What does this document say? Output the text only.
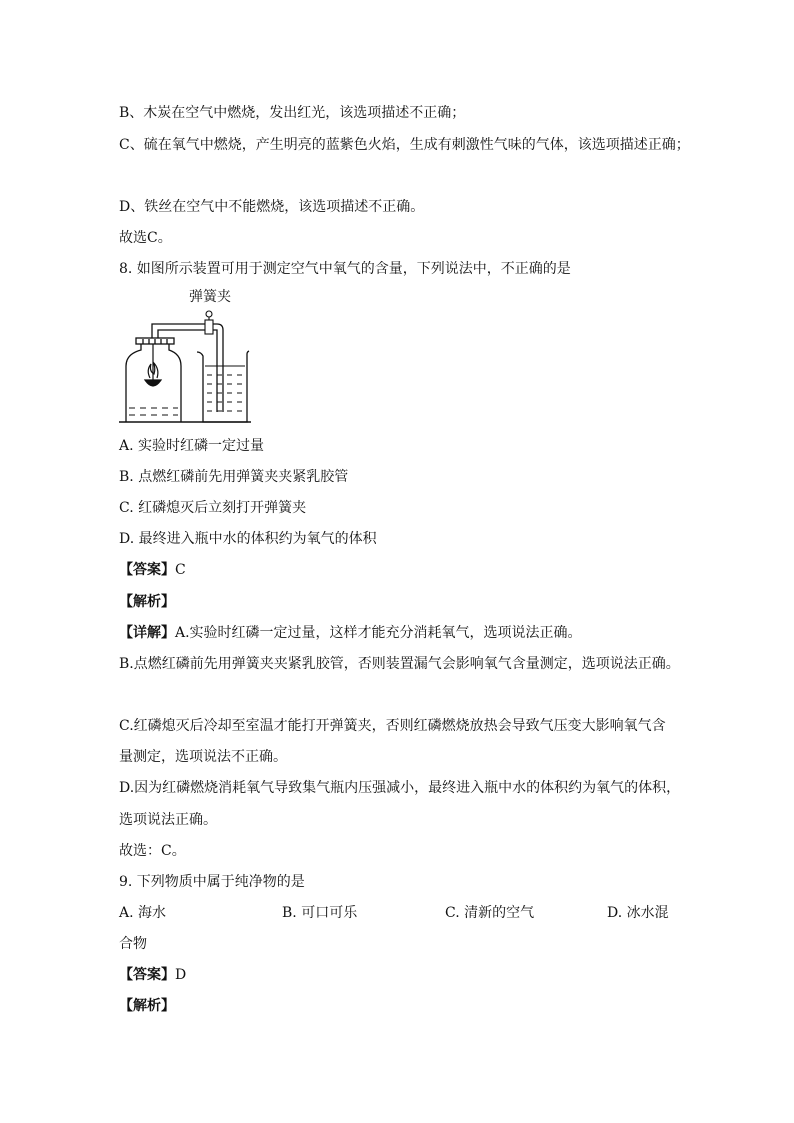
B、木炭在空气中燃烧，发出红光，该选项描述不正确；
C、硫在氧气中燃烧，产生明亮的蓝紫色火焰，生成有刺激性气味的气体，该选项描述正确；
D、铁丝在空气中不能燃烧，该选项描述不正确。
故选C。
8. 如图所示装置可用于测定空气中氧气的含量，下列说法中，不正确的是
弹簧夹
A. 实验时红磷一定过量
B. 点燃红磷前先用弹簧夹夹紧乳胶管
C. 红磷熄灭后立刻打开弹簧夹
D. 最终进入瓶中水的体积约为氧气的体积
【答案】C
【解析】
【详解】A.实验时红磷一定过量，这样才能充分消耗氧气，选项说法正确。
B.点燃红磷前先用弹簧夹夹紧乳胶管，否则装置漏气会影响氧气含量测定，选项说法正确。
C.红磷熄灭后冷却至室温才能打开弹簧夹，否则红磷燃烧放热会导致气压变大影响氧气含
量测定，选项说法不正确。
D.因为红磷燃烧消耗氧气导致集气瓶内压强减小，最终进入瓶中水的体积约为氧气的体积，
选项说法正确。
故选：C。
9. 下列物质中属于纯净物的是
A. 海水	B. 可口可乐	C. 清新的空气	D. 冰水混
合物
【答案】D
【解析】
